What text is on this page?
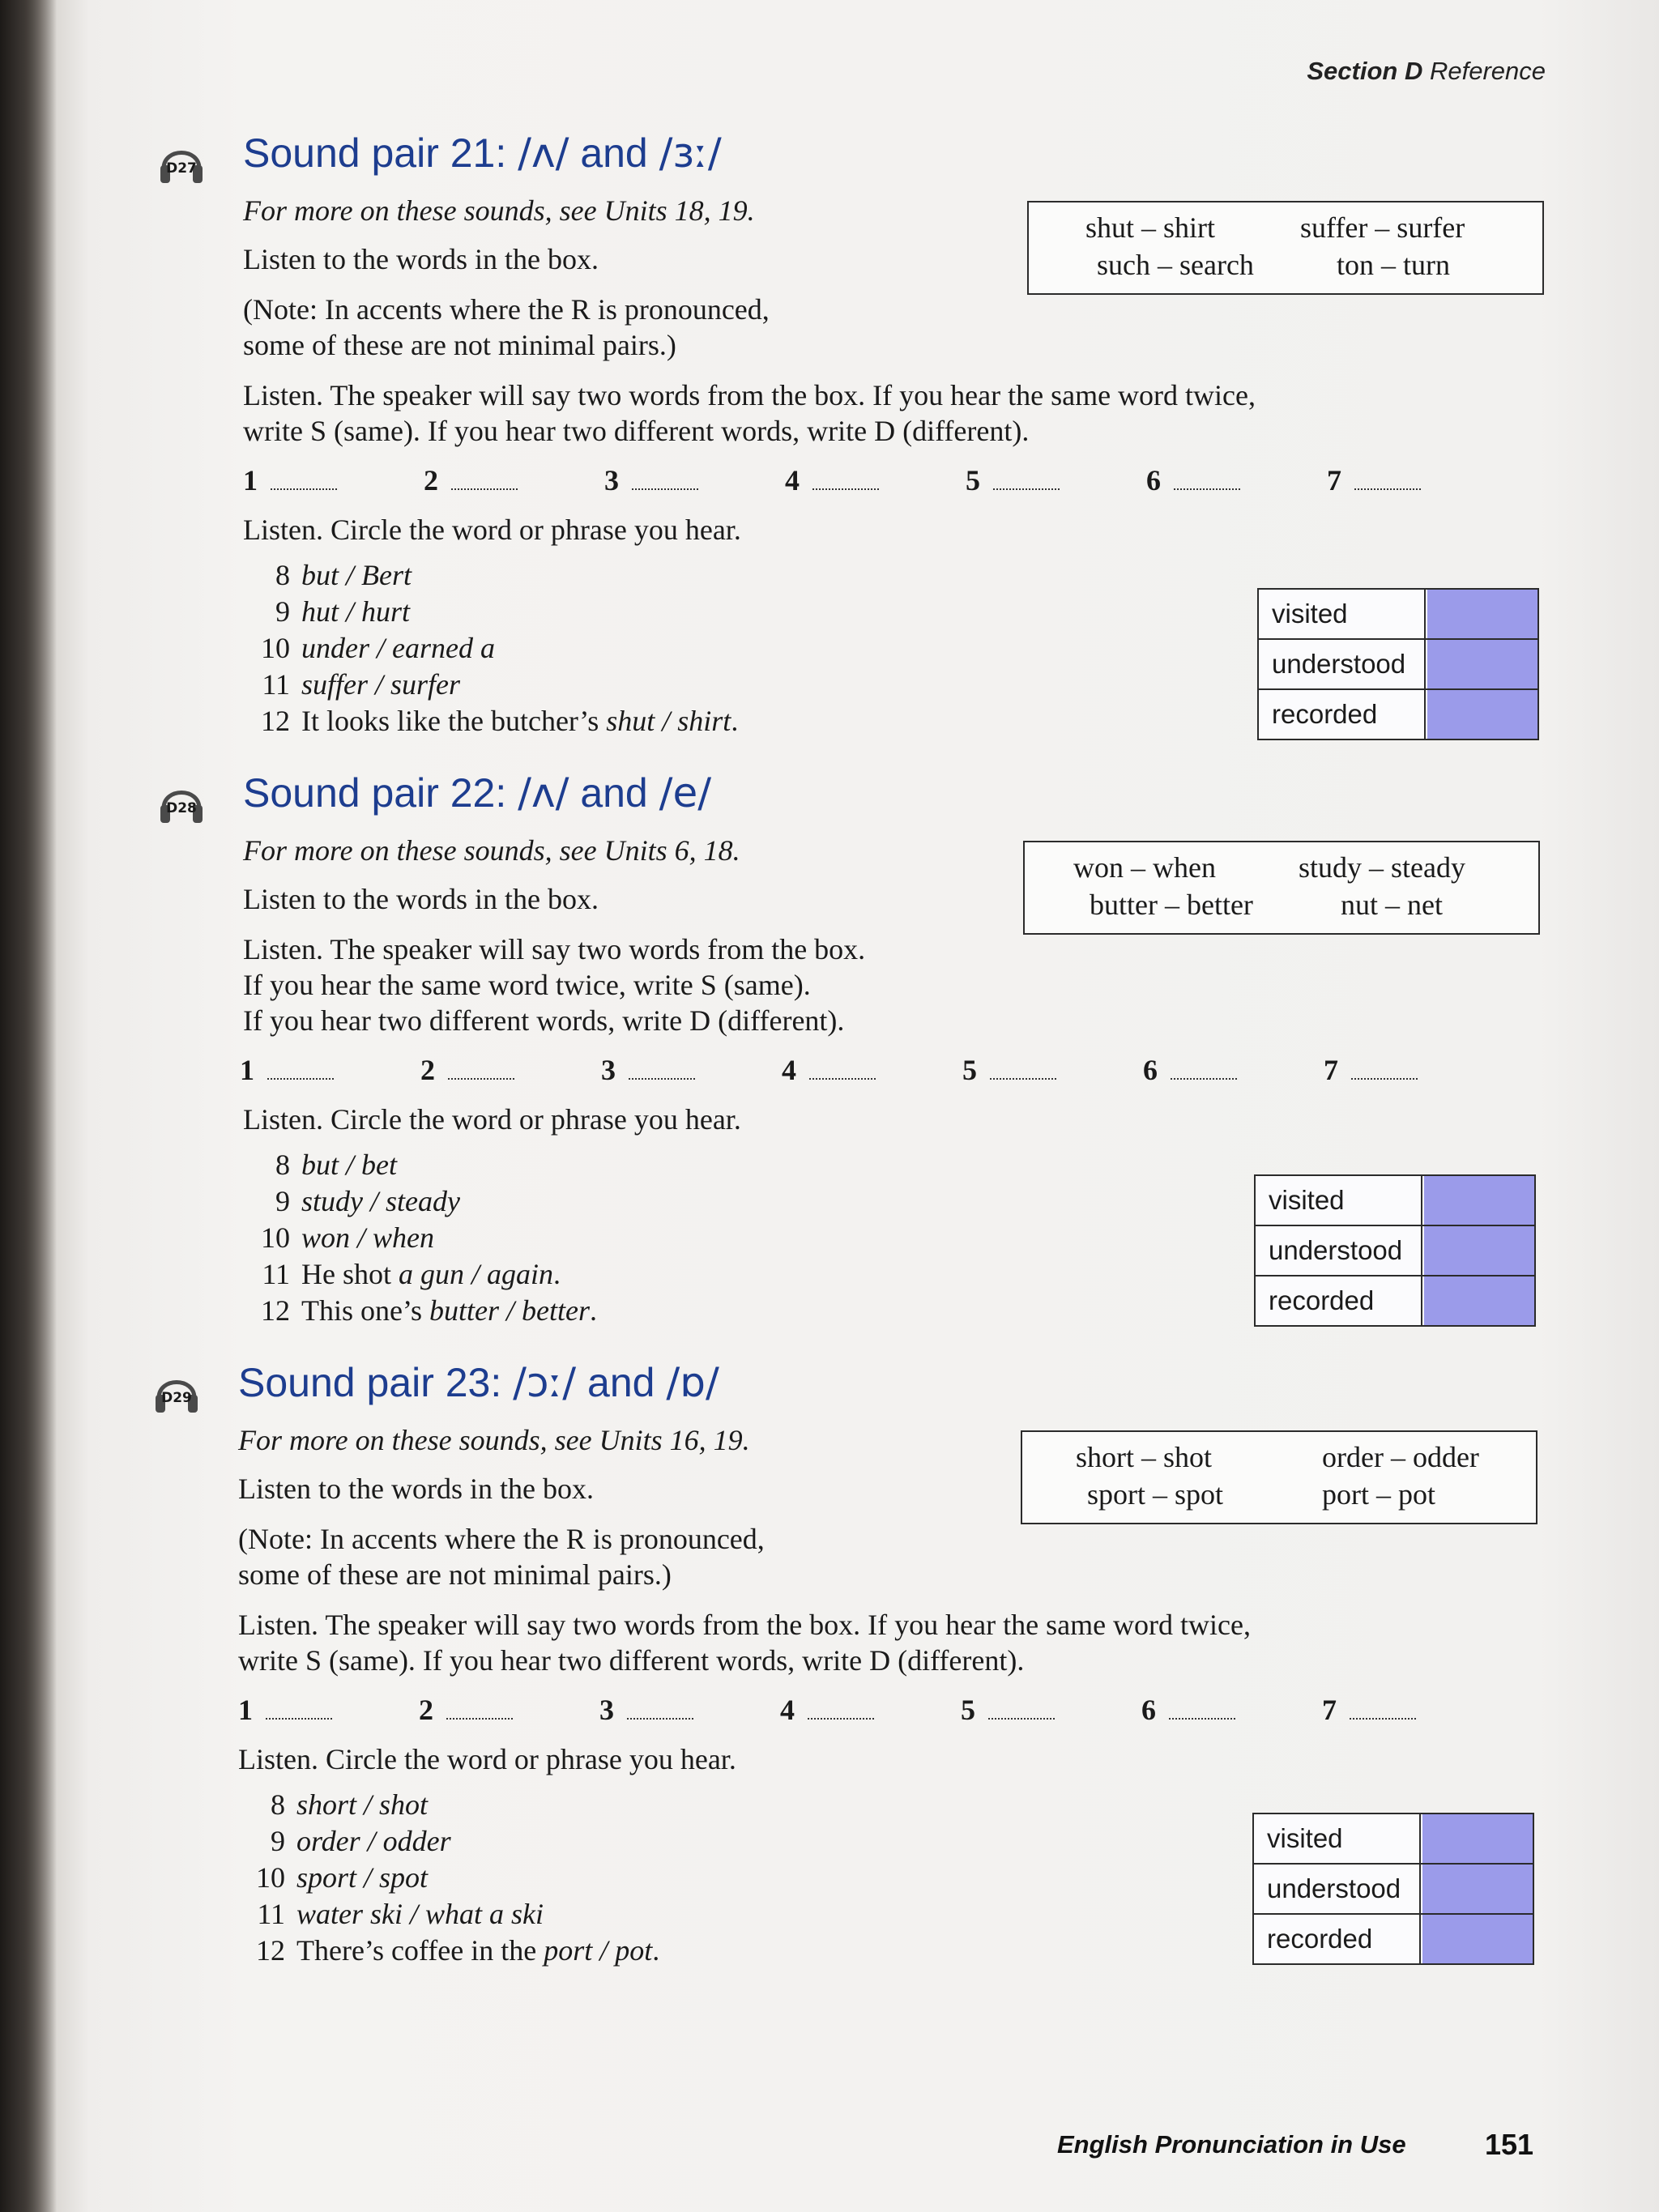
Section D Reference
D27 Sound pair 21: /ʌ/ and /ɜː/
For more on these sounds, see Units 18, 19.
Listen to the words in the box.
(Note: In accents where the R is pronounced,
some of these are not minimal pairs.)
Listen. The speaker will say two words from the box. If you hear the same word twice,
write S (same). If you hear two different words, write D (different).
shut – shirt	suffer – surfer
such – search	ton – turn
1	2	3	4	5	6	7
Listen. Circle the word or phrase you hear.
8 but / Bert
9 hut / hurt
10 under / earned a
11 suffer / surfer
12 It looks like the butcher’s shut / shirt.
visited
understood
recorded
D28 Sound pair 22: /ʌ/ and /e/
For more on these sounds, see Units 6, 18.
Listen to the words in the box.
Listen. The speaker will say two words from the box.
If you hear the same word twice, write S (same).
If you hear two different words, write D (different).
won – when	study – steady
butter – better	nut – net
1	2	3	4	5	6	7
Listen. Circle the word or phrase you hear.
8 but / bet
9 study / steady
10 won / when
11 He shot a gun / again.
12 This one’s butter / better.
visited
understood
recorded
D29 Sound pair 23: /ɔː/ and /ɒ/
For more on these sounds, see Units 16, 19.
Listen to the words in the box.
(Note: In accents where the R is pronounced,
some of these are not minimal pairs.)
Listen. The speaker will say two words from the box. If you hear the same word twice,
write S (same). If you hear two different words, write D (different).
short – shot	order – odder
sport – spot	port – pot
1	2	3	4	5	6	7
Listen. Circle the word or phrase you hear.
8 short / shot
9 order / odder
10 sport / spot
11 water ski / what a ski
12 There’s coffee in the port / pot.
visited
understood
recorded
English Pronunciation in Use	151
